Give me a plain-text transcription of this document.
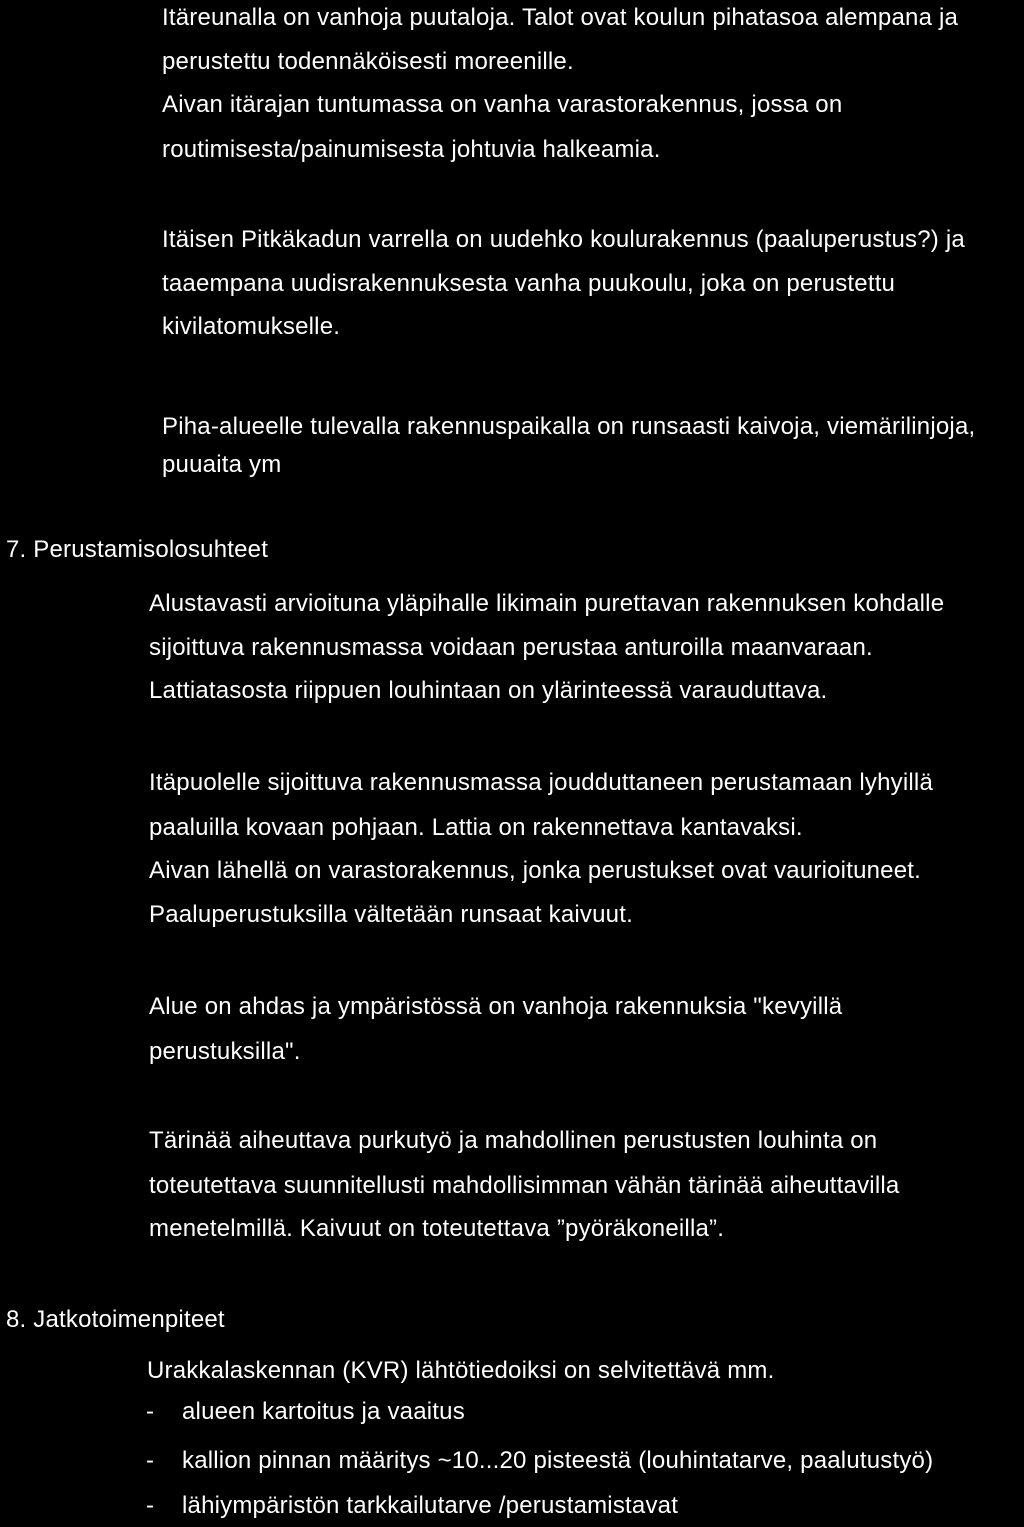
Itäreunalla on vanhoja puutaloja. Talot ovat koulun pihatasoa alempana ja
perustettu todennäköisesti moreenille.
Aivan itärajan tuntumassa on vanha varastorakennus, jossa on
routimisesta/painumisesta johtuvia halkeamia.
Itäisen Pitkäkadun varrella on uudehko koulurakennus (paaluperustus?) ja
taaempana uudisrakennuksesta vanha puukoulu, joka on perustettu
kivilatomukselle.
Piha-alueelle tulevalla rakennuspaikalla on runsaasti kaivoja, viemärilinjoja,
puuaita ym
7. Perustamisolosuhteet
Alustavasti arvioituna yläpihalle likimain purettavan rakennuksen kohdalle
sijoittuva rakennusmassa voidaan perustaa anturoilla maanvaraan.
Lattiatasosta riippuen louhintaan on ylärinteessä varauduttava.
Itäpuolelle sijoittuva rakennusmassa joudduttaneen perustamaan lyhyillä
paaluilla kovaan pohjaan. Lattia on rakennettava kantavaksi.
Aivan lähellä on varastorakennus, jonka perustukset ovat vaurioituneet.
Paaluperustuksilla vältetään runsaat kaivuut.
Alue on ahdas ja ympäristössä on vanhoja rakennuksia "kevyillä
perustuksilla".
Tärinää aiheuttava purkutyö ja mahdollinen perustusten louhinta on
toteutettava suunnitellusti mahdollisimman vähän tärinää aiheuttavilla
menetelmillä. Kaivuut on toteutettava ”pyöräkoneilla”.
8. Jatkotoimenpiteet
Urakkalaskennan (KVR) lähtötiedoiksi on selvitettävä mm.
- alueen kartoitus ja vaaitus
- kallion pinnan määritys ~10...20 pisteestä (louhintatarve, paalutustyö)
- lähiympäristön tarkkailutarve /perustamistavat
